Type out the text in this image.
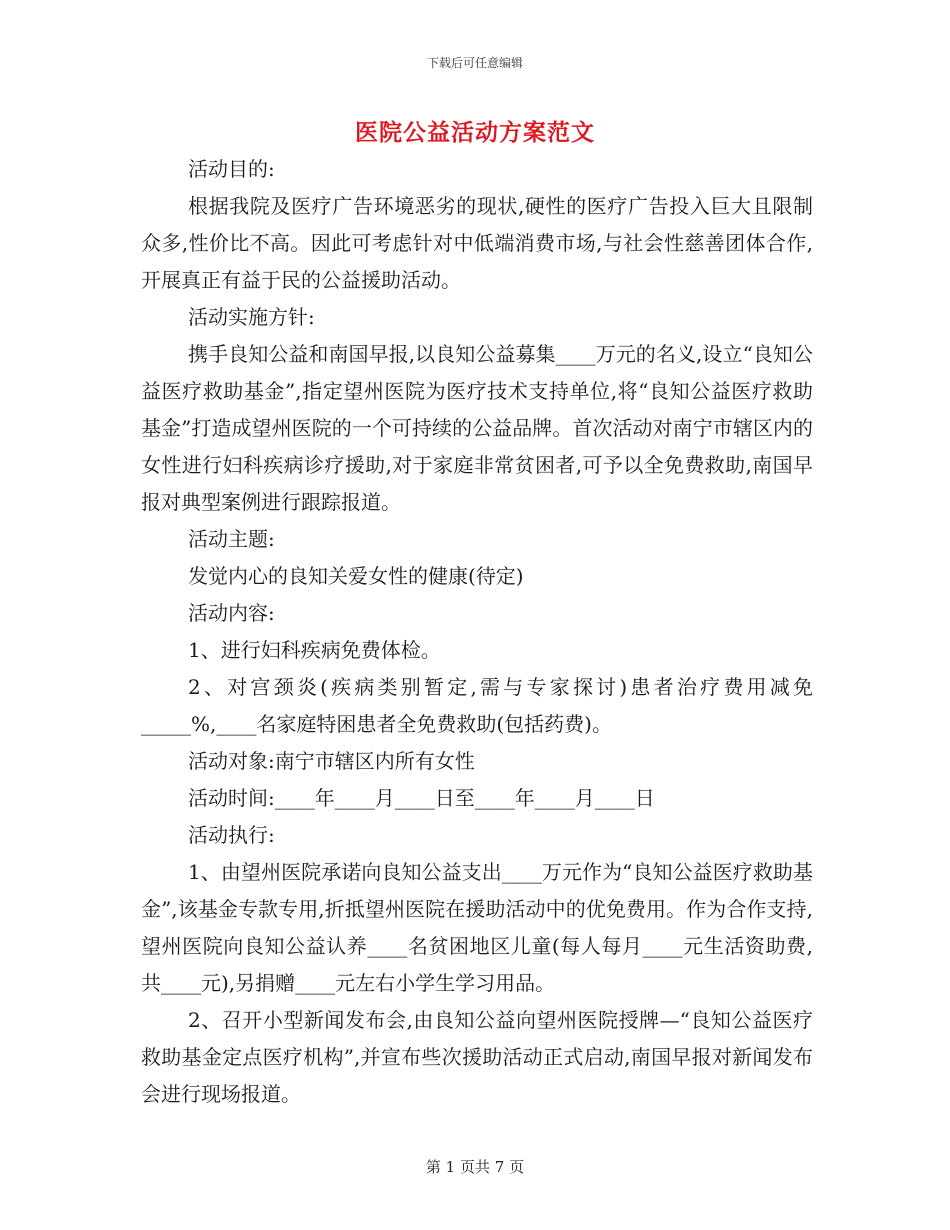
下载后可任意编辑
医院公益活动方案范文

活动目的:

根据我院及医疗广告环境恶劣的现状,硬性的医疗广告投入巨大且限制众多,性价比不高。因此可考虑针对中低端消费市场,与社会性慈善团体合作,开展真正有益于民的公益援助活动。

活动实施方针:

携手良知公益和南国早报,以良知公益募集____万元的名义,设立“良知公益医疗救助基金”,指定望州医院为医疗技术支持单位,将“良知公益医疗救助基金”打造成望州医院的一个可持续的公益品牌。首次活动对南宁市辖区内的女性进行妇科疾病诊疗援助,对于家庭非常贫困者,可予以全免费救助,南国早报对典型案例进行跟踪报道。

活动主题:

发觉内心的良知关爱女性的健康(待定)

活动内容:

1、进行妇科疾病免费体检。

2、对宫颈炎(疾病类别暂定,需与专家探讨)患者治疗费用减免_____%,____名家庭特困患者全免费救助(包括药费)。

活动对象:南宁市辖区内所有女性

活动时间:____年____月____日至____年____月____日

活动执行:

1、由望州医院承诺向良知公益支出____万元作为“良知公益医疗救助基金”,该基金专款专用,折抵望州医院在援助活动中的优免费用。作为合作支持,望州医院向良知公益认养____名贫困地区儿童(每人每月____元生活资助费,共____元),另捐赠____元左右小学生学习用品。

2、召开小型新闻发布会,由良知公益向望州医院授牌—“良知公益医疗救助基金定点医疗机构”,并宣布些次援助活动正式启动,南国早报对新闻发布会进行现场报道。

第 1 页共 7 页
